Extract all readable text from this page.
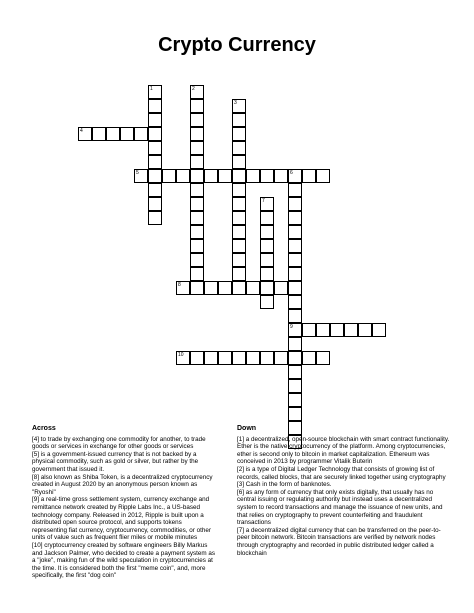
Crypto Currency
1	2
3
4
5	6
9
7
8
10
Across

[4] to trade by exchanging one commodity for another, to trade goods or services in exchange for other goods or services

[5] is a government-issued currency that is not backed by a physical commodity, such as gold or silver, but rather by the government that issued it.

[8] also known as Shiba Token, is a decentralized cryptocurrency created in August 2020 by an anonymous person known as "Ryoshi"

[9] a real-time gross settlement system, currency exchange and remittance network created by Ripple Labs Inc., a US-based technology company. Released in 2012, Ripple is built upon a distributed open source protocol, and supports tokens representing fiat currency, cryptocurrency, commodities, or other units of value such as frequent flier miles or mobile minutes

[10] cryptocurrency created by software engineers Billy Markus and Jackson Palmer, who decided to create a payment system as a "joke", making fun of the wild speculation in cryptocurrencies at the time. It is considered both the first "meme coin", and, more specifically, the first "dog coin"

Down

[1] a decentralized, open-source blockchain with smart contract functionality. Ether is the native cryptocurrency of the platform. Among cryptocurrencies, ether is second only to bitcoin in market capitalization. Ethereum was conceived in 2013 by programmer Vitalik Buterin

[2] is a type of Digital Ledger Technology that consists of growing list of records, called blocks, that are securely linked together using cryptography

[3] Cash in the form of banknotes.

[6] as any form of currency that only exists digitally, that usually has no central issuing or regulating authority but instead uses a decentralized system to record transactions and manage the issuance of new units, and that relies on cryptography to prevent counterfeiting and fraudulent transactions

[7] a decentralized digital currency that can be transferred on the peer-to-peer bitcoin network. Bitcoin transactions are verified by network nodes through cryptography and recorded in public distributed ledger called a blockchain
